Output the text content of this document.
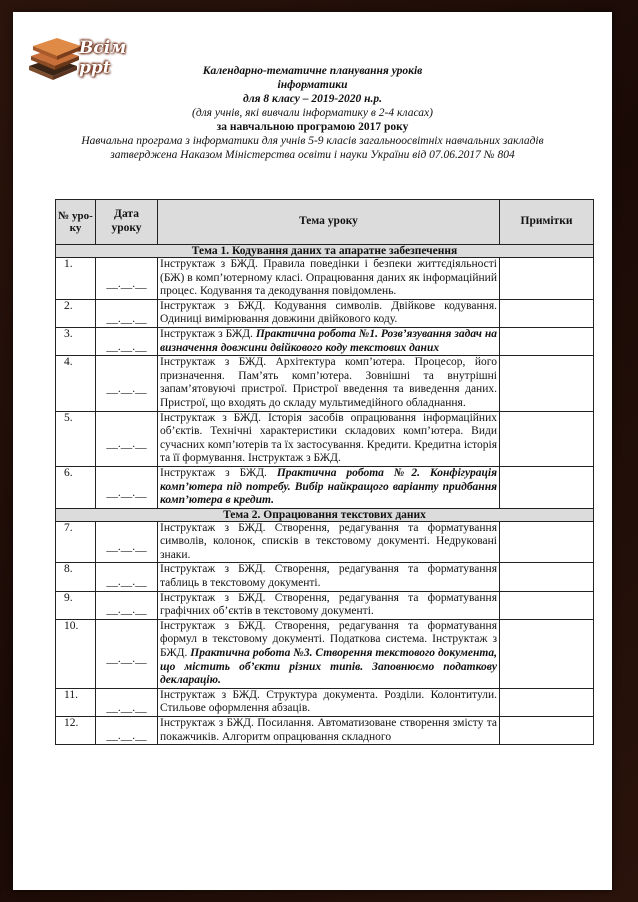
Всім
ppt	Календарно-тематичне планування уроків
інформатики
для 8 класу – 2019-2020 н.р.
(для учнів, які вивчали інформатику в 2-4 класах)
за навчальною програмою 2017 року
Навчальна програма з інформатики для учнів 5-9 класів загальноосвітніх навчальних закладів
затверджена Наказом Міністерства освіти і науки України від 07.06.2017 № 804
№ уро-ку	Дата уроку	Тема уроку	Примітки
Тема 1. Кодування даних та апаратне забезпечення			
1.	__.__.__	Інструктаж з БЖД. Правила поведінки і безпеки життєдіяльності (БЖ) в комп’ютерному класі. Опрацювання даних як інформаційний процес. Кодування та декодування повідомлень.	
2.	__.__.__	Інструктаж з БЖД. Кодування символів. Двійкове кодування. Одиниці вимірювання довжини двійкового коду.	
3.	__.__.__	Інструктаж з БЖД. Практична робота №1. Розв’язування задач на визначення довжини двійкового коду текстових даних	
4.	__.__.__	Інструктаж з БЖД. Архітектура комп’ютера. Процесор, його призначення. Пам’ять комп’ютера. Зовнішні та внутрішні запам’ятовуючі пристрої. Пристрої введення та виведення даних. Пристрої, що входять до складу мультимедійного обладнання.	
5.	__.__.__	Інструктаж з БЖД. Історія засобів опрацювання інформаційних об’єктів. Технічні характеристики складових комп’ютера. Види сучасних комп’ютерів та їх застосування. Кредити. Кредитна історія та її формування. Інструктаж з БЖД.	
6.	__.__.__	Інструктаж з БЖД. Практична робота №2. Конфігурація комп’ютера під потребу. Вибір найкращого варіанту придбання комп’ютера в кредит.	
Тема 2. Опрацювання текстових даних			
7.	__.__.__	Інструктаж з БЖД. Створення, редагування та форматування символів, колонок, списків в текстовому документі. Недруковані знаки.	
8.	__.__.__	Інструктаж з БЖД. Створення, редагування та форматування таблиць в текстовому документі.	
9.	__.__.__	Інструктаж з БЖД. Створення, редагування та форматування графічних об’єктів в текстовому документі.	
10.	__.__.__	Інструктаж з БЖД. Створення, редагування та форматування формул в текстовому документі. Податкова система. Інструктаж з БЖД. Практична робота №3. Створення текстового документа, що містить об’єкти різних типів. Заповнюємо податкову декларацію.	
11.	__.__.__	Інструктаж з БЖД. Структура документа. Розділи. Колонтитули. Стильове оформлення абзаців.	
12.	__.__.__	Інструктаж з БЖД. Посилання. Автоматизоване створення змісту та покажчиків. Алгоритм опрацювання складного	
